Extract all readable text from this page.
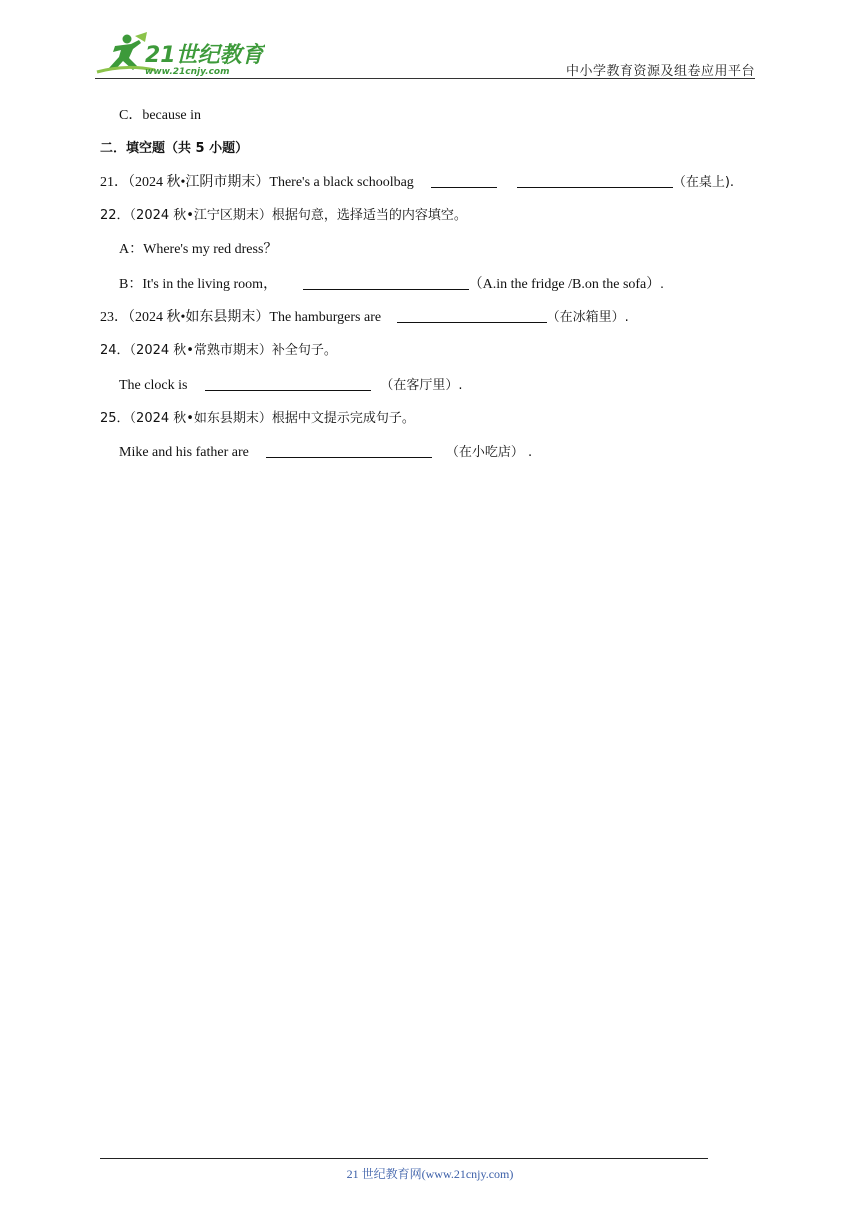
21世纪教育
www.21cnjy.com	中小学教育资源及组卷应用平台
C．because in
二．填空题（共 5 小题）
21．（2024 秋•江阴市期末）There's a black schoolbag	（在桌上).
22．（2024 秋•江宁区期末）根据句意，选择适当的内容填空。
A：Where's my red dress？
B：It's in the living room，	（A.in the fridge /B.on the sofa）.
23．（2024 秋•如东县期末）The hamburgers are	（在冰箱里）.
24．（2024 秋•常熟市期末）补全句子。
The clock is	（在客厅里）.
25．（2024 秋•如东县期末）根据中文提示完成句子。
Mike and his father are	（在小吃店） .
21 世纪教育网(www.21cnjy.com)
